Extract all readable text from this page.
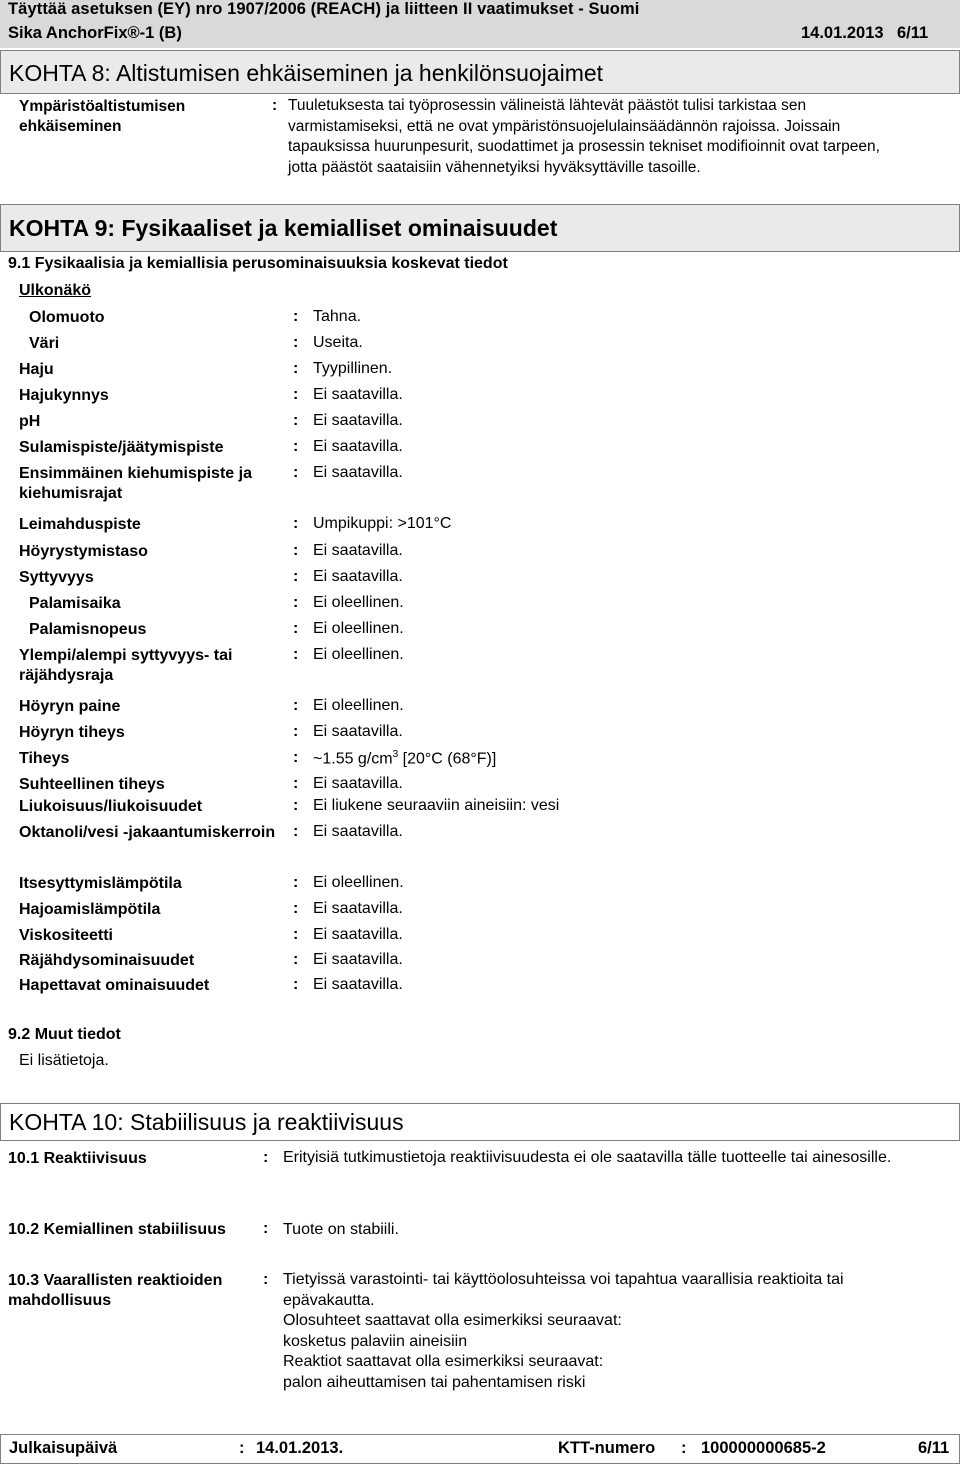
Täyttää asetuksen (EY) nro 1907/2006 (REACH) ja liitteen II vaatimukset - Suomi
Sika AnchorFix®-1 (B)	14.01.2013 6/11
KOHTA 8: Altistumisen ehkäiseminen ja henkilönsuojaimet
Ympäristöaltistumisen ehkäiseminen
: Tuuletuksesta tai työprosessin välineistä lähtevät päästöt tulisi tarkistaa sen varmistamiseksi, että ne ovat ympäristönsuojelulainsäädännön rajoissa. Joissain tapauksissa huurunpesurit, suodattimet ja prosessin tekniset modifioinnit ovat tarpeen, jotta päästöt saataisiin vähennetyiksi hyväksyttäville tasoille.
KOHTA 9: Fysikaaliset ja kemialliset ominaisuudet
9.1 Fysikaalisia ja kemiallisia perusominaisuuksia koskevat tiedot
Ulkonäkö
Olomuoto	: Tahna.
Väri	: Useita.
Haju	: Tyypillinen.
Hajukynnys	: Ei saatavilla.
pH	: Ei saatavilla.
Sulamispiste/jäätymispiste	: Ei saatavilla.
Ensimmäinen kiehumispiste ja kiehumisrajat
: Ei saatavilla.
Leimahduspiste	: Umpikuppi: >101°C
Höyrystymistaso	: Ei saatavilla.
Syttyvyys	: Ei saatavilla.
Palamisaika	: Ei oleellinen.
Palamisnopeus	: Ei oleellinen.
Ylempi/alempi syttyvyys- tai räjähdysraja
: Ei oleellinen.
Höyryn paine	: Ei oleellinen.
Höyryn tiheys	: Ei saatavilla.
Tiheys	: ~1.55 $g/cm^3$ [20°C (68°F)]
Suhteellinen tiheys	: Ei saatavilla.
Liukoisuus/liukoisuudet	: Ei liukene seuraaviin aineisiin: vesi
Oktanoli/vesi -jakaantumiskerroin	: Ei saatavilla.
Itsesyttymislämpötila	: Ei oleellinen.
Hajoamislämpötila	: Ei saatavilla.
Viskositeetti	: Ei saatavilla.
Räjähdysominaisuudet	: Ei saatavilla.
Hapettavat ominaisuudet	: Ei saatavilla.
9.2 Muut tiedot
Ei lisätietoja.
KOHTA 10: Stabiilisuus ja reaktiivisuus
10.1 Reaktiivisuus	: Erityisiä tutkimustietoja reaktiivisuudesta ei ole saatavilla tälle tuotteelle tai ainesosille.
10.2 Kemiallinen stabiilisuus	: Tuote on stabiili.
10.3 Vaarallisten reaktioiden mahdollisuus
: Tietyissä varastointi- tai käyttöolosuhteissa voi tapahtua vaarallisia reaktioita tai epävakautta.
Olosuhteet saattavat olla esimerkiksi seuraavat:
kosketus palaviin aineisiin
Reaktiot saattavat olla esimerkiksi seuraavat:
palon aiheuttamisen tai pahentamisen riski
Julkaisupäivä	: 14.01.2013.	KTT-numero : 100000000685-2	6/11
